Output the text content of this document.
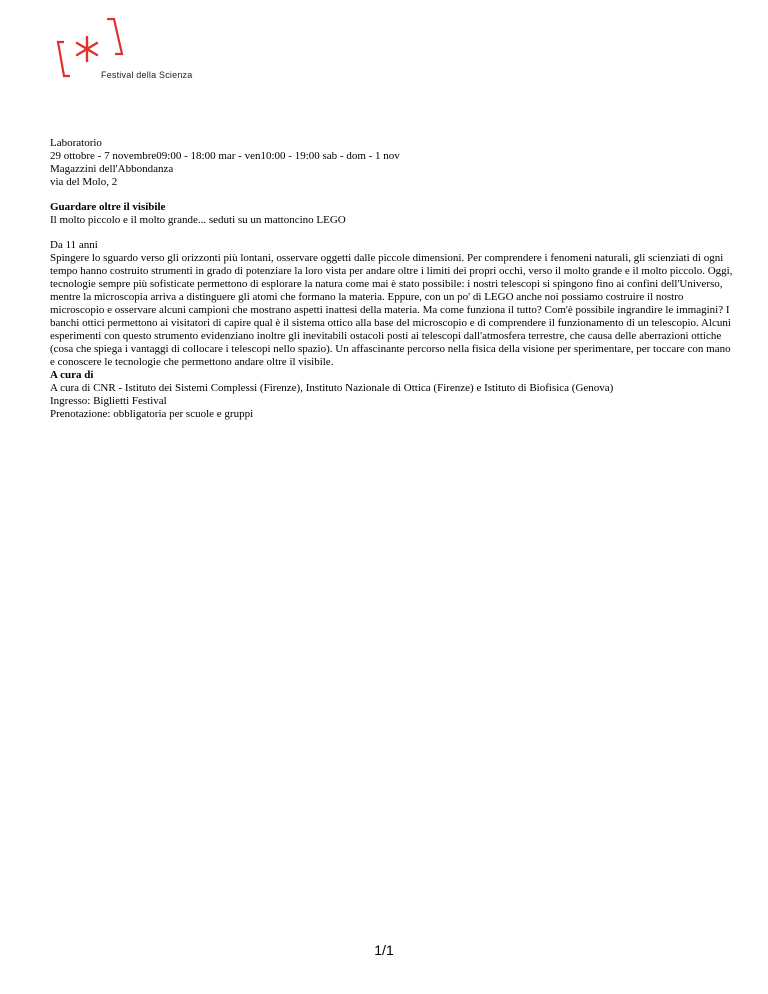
Festival della Scienza

Laboratorio

29 ottobre - 7 novembre09:00 - 18:00 mar - ven10:00 - 19:00 sab - dom - 1 nov

Magazzini dell'Abbondanza

via del Molo, 2

Guardare oltre il visibile

Il molto piccolo e il molto grande... seduti su un mattoncino LEGO

Da 11 anni

Spingere lo sguardo verso gli orizzonti più lontani, osservare oggetti dalle piccole dimensioni. Per comprendere i fenomeni naturali, gli scienziati di ogni tempo hanno costruito strumenti in grado di potenziare la loro vista per andare oltre i limiti dei propri occhi, verso il molto grande e il molto piccolo. Oggi, tecnologie sempre più sofisticate permettono di esplorare la natura come mai è stato possibile: i nostri telescopi si spingono fino ai confini dell'Universo, mentre la microscopia arriva a distinguere gli atomi che formano la materia. Eppure, con un po' di LEGO anche noi possiamo costruire il nostro microscopio e osservare alcuni campioni che mostrano aspetti inattesi della materia. Ma come funziona il tutto? Com'è possibile ingrandire le immagini? I banchi ottici permettono ai visitatori di capire qual è il sistema ottico alla base del microscopio e di comprendere il funzionamento di un telescopio. Alcuni esperimenti con questo strumento evidenziano inoltre gli inevitabili ostacoli posti ai telescopi dall'atmosfera terrestre, che causa delle aberrazioni ottiche (cosa che spiega i vantaggi di collocare i telescopi nello spazio). Un affascinante percorso nella fisica della visione per sperimentare, per toccare con mano e conoscere le tecnologie che permettono andare oltre il visibile.

A cura di

A cura di CNR - Istituto dei Sistemi Complessi (Firenze), Instituto Nazionale di Ottica (Firenze) e Istituto di Biofisica (Genova)

Ingresso: Biglietti Festival

Prenotazione: obbligatoria per scuole e gruppi

1/1
